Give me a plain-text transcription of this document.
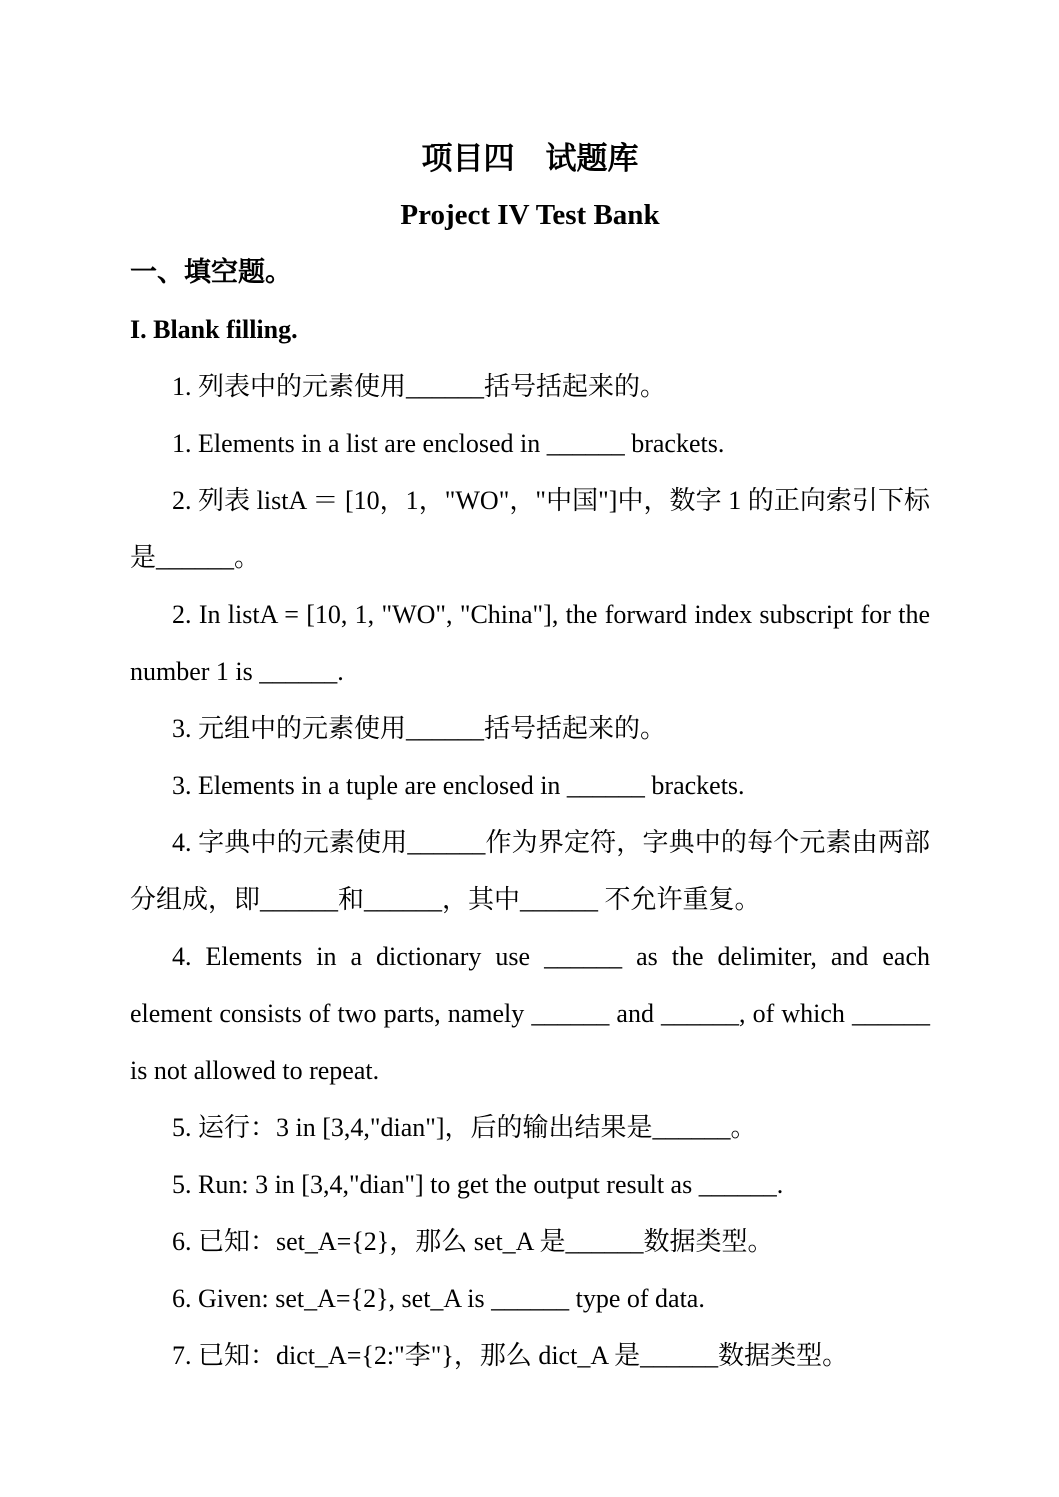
项目四　试题库
Project IV Test Bank
一、填空题。
I. Blank filling.

1. 列表中的元素使用______括号括起来的。

1. Elements in a list are enclosed in ______ brackets.

2. 列表 listA ＝ [10，1，"WO"，"中国"]中，数字 1 的正向索引下标是______。

2. In listA = [10, 1, "WO", "China"], the forward index subscript for the number 1 is ______.

3. 元组中的元素使用______括号括起来的。

3. Elements in a tuple are enclosed in ______ brackets.

4. 字典中的元素使用______作为界定符，字典中的每个元素由两部分组成，即______和______，其中______ 不允许重复。

4. Elements in a dictionary use ______ as the delimiter, and each element consists of two parts, namely ______ and ______, of which ______ is not allowed to repeat.

5. 运行：3 in [3,4,"dian"]，后的输出结果是______。

5. Run: 3 in [3,4,"dian"] to get the output result as ______.

6. 已知：set_A={2}，那么 set_A 是______数据类型。

6. Given: set_A={2}, set_A is ______ type of data.

7. 已知：dict_A={2:"李"}，那么 dict_A 是______数据类型。
